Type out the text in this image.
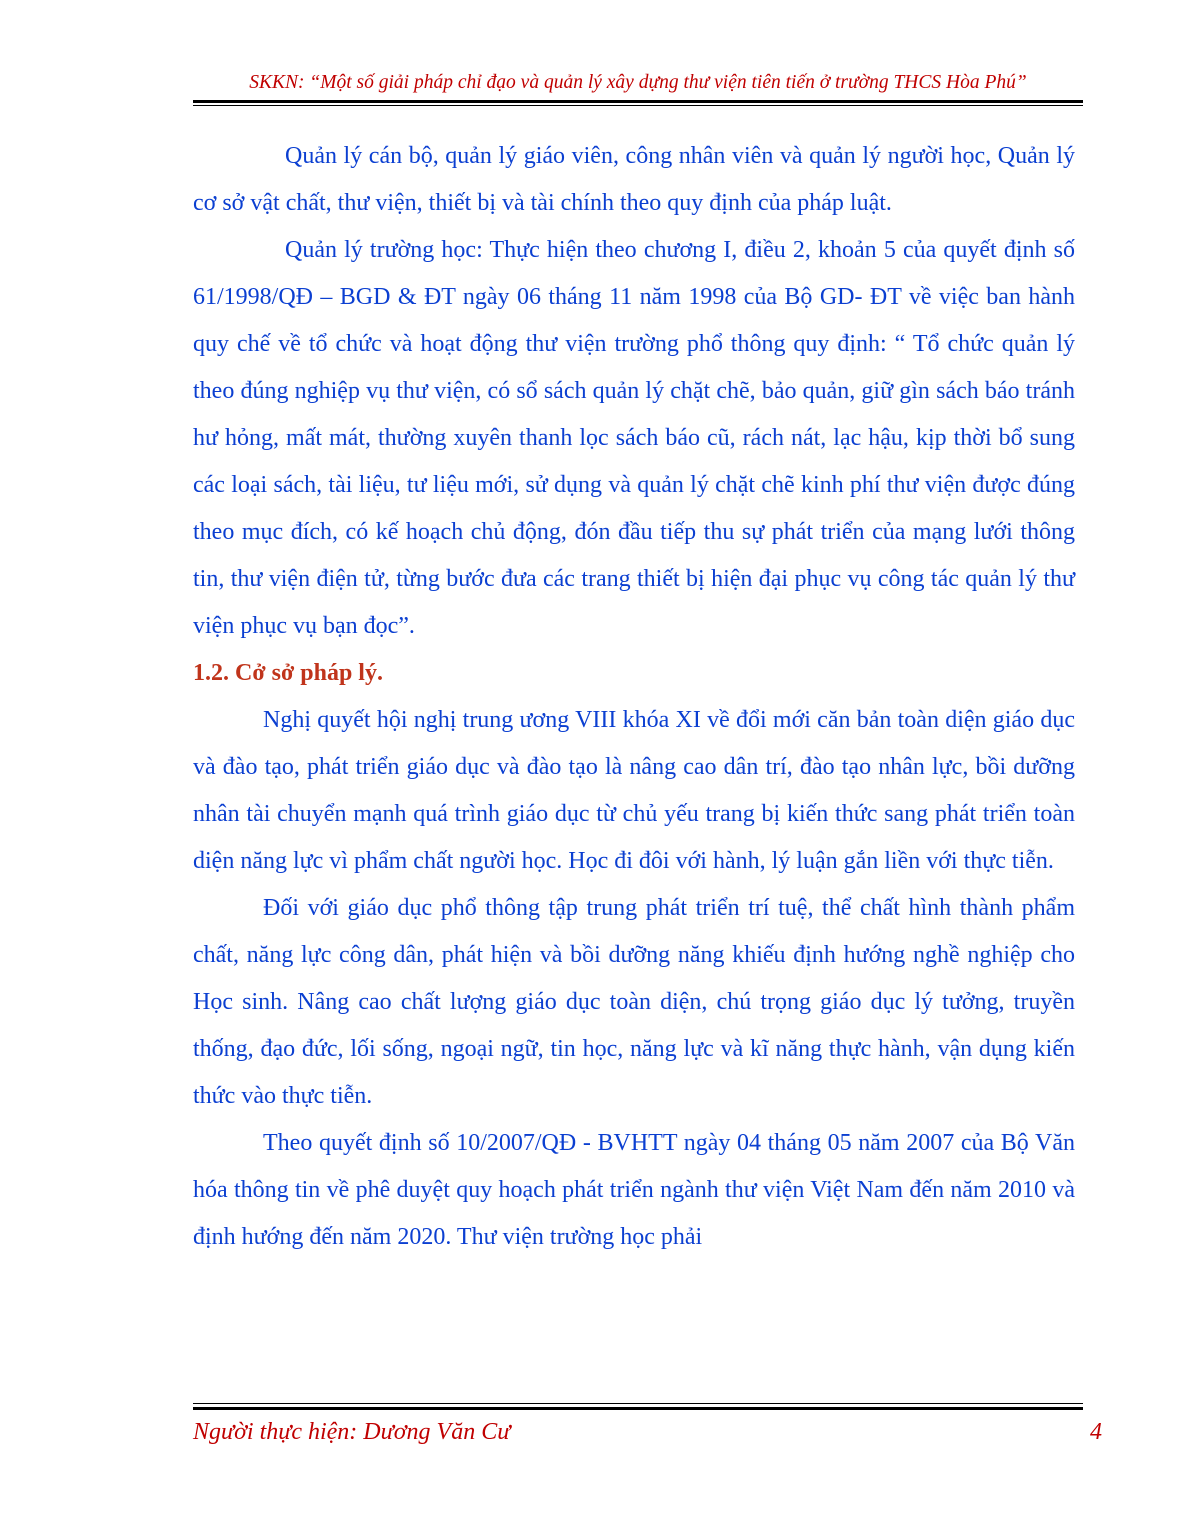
SKKN: “Một số giải pháp chỉ đạo và quản lý xây dựng thư viện tiên tiến ở trường THCS Hòa Phú”

Quản lý cán bộ, quản lý giáo viên, công nhân viên và quản lý người học, Quản lý cơ sở vật chất, thư viện, thiết bị và tài chính theo quy định của pháp luật.

Quản lý trường học: Thực hiện theo chương I, điều 2, khoản 5 của quyết định số 61/1998/QĐ – BGD & ĐT ngày 06 tháng 11 năm 1998 của Bộ GD- ĐT về việc ban hành quy chế về tổ chức và hoạt động thư viện trường phổ thông quy định: “ Tổ chức quản lý theo đúng nghiệp vụ thư viện, có sổ sách quản lý chặt chẽ, bảo quản, giữ gìn sách báo tránh hư hỏng, mất mát, thường xuyên thanh lọc sách báo cũ, rách nát, lạc hậu, kịp thời bổ sung các loại sách, tài liệu, tư liệu mới, sử dụng và quản lý chặt chẽ kinh phí thư viện được đúng theo mục đích, có kế hoạch chủ động, đón đầu tiếp thu sự phát triển của mạng lưới thông tin, thư viện điện tử, từng bước đưa các trang thiết bị hiện đại phục vụ công tác quản lý thư viện phục vụ bạn đọc”.

1.2. Cở sở pháp lý.

Nghị quyết hội nghị trung ương VIII khóa XI về đổi mới căn bản toàn diện giáo dục và đào tạo, phát triển giáo dục và đào tạo là nâng cao dân trí, đào tạo nhân lực, bồi dưỡng nhân tài chuyển mạnh quá trình giáo dục từ chủ yếu trang bị kiến thức sang phát triển toàn diện năng lực vì phẩm chất người học. Học đi đôi với hành, lý luận gắn liền với thực tiễn.

Đối với giáo dục phổ thông tập trung phát triển trí tuệ, thể chất hình thành phẩm chất, năng lực công dân, phát hiện và bồi dưỡng năng khiếu định hướng nghề nghiệp cho Học sinh. Nâng cao chất lượng giáo dục toàn diện, chú trọng giáo dục lý tưởng, truyền thống, đạo đức, lối sống, ngoại ngữ, tin học, năng lực và kĩ năng thực hành, vận dụng kiến thức vào thực tiễn.

Theo quyết định số 10/2007/QĐ - BVHTT ngày 04 tháng 05 năm 2007 của Bộ Văn hóa thông tin về phê duyệt quy hoạch phát triển ngành thư viện Việt Nam đến năm 2010 và định hướng đến năm 2020. Thư viện trường học phải

Người thực hiện: Dương Văn Cư	4
